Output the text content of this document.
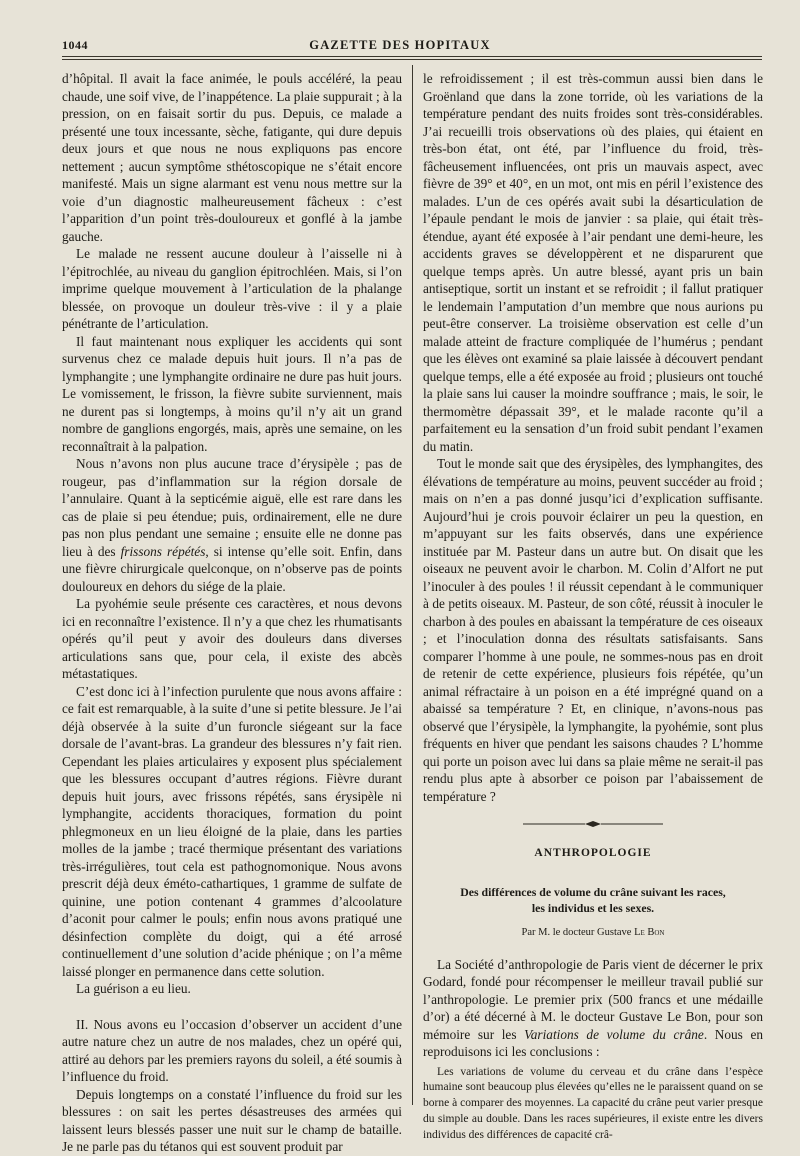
1044	GAZETTE DES HOPITAUX

d’hôpital. Il avait la face animée, le pouls accéléré, la peau chaude, une soif vive, de l’inappétence. La plaie suppurait ; à la pression, on en faisait sortir du pus. Depuis, ce malade a présenté une toux incessante, sèche, fatigante, qui dure depuis deux jours et que nous ne nous expliquons pas encore nettement ; aucun symptôme sthétoscopique ne s’était encore manifesté. Mais un signe alarmant est venu nous mettre sur la voie d’un diagnostic malheureusement fâcheux : c’est l’apparition d’un point très-douloureux et gonflé à la jambe gauche.

Le malade ne ressent aucune douleur à l’aisselle ni à l’épitrochlée, au niveau du ganglion épitrochléen. Mais, si l’on imprime quelque mouvement à l’articulation de la phalange blessée, on provoque un douleur très-vive : il y a plaie pénétrante de l’articulation.

Il faut maintenant nous expliquer les accidents qui sont survenus chez ce malade depuis huit jours. Il n’a pas de lymphangite ; une lymphangite ordinaire ne dure pas huit jours. Le vomissement, le frisson, la fièvre subite surviennent, mais ne durent pas si longtemps, à moins qu’il n’y ait un grand nombre de ganglions engorgés, mais, après une semaine, on les reconnaîtrait à la palpation.

Nous n’avons non plus aucune trace d’érysipèle ; pas de rougeur, pas d’inflammation sur la région dorsale de l’annulaire. Quant à la septicémie aiguë, elle est rare dans les cas de plaie si peu étendue; puis, ordinairement, elle ne dure pas non plus pendant une semaine ; ensuite elle ne donne pas lieu à des frissons répétés, si intense qu’elle soit. Enfin, dans une fièvre chirurgicale quelconque, on n’observe pas de points douloureux en dehors du siége de la plaie.

La pyohémie seule présente ces caractères, et nous devons ici en reconnaître l’existence. Il n’y a que chez les rhumatisants opérés qu’il peut y avoir des douleurs dans diverses articulations sans que, pour cela, il existe des abcès métastatiques.

C’est donc ici à l’infection purulente que nous avons affaire : ce fait est remarquable, à la suite d’une si petite blessure. Je l’ai déjà observée à la suite d’un furoncle siégeant sur la face dorsale de l’avant-bras. La grandeur des blessures n’y fait rien. Cependant les plaies articulaires y exposent plus spécialement que les blessures occupant d’autres régions. Fièvre durant depuis huit jours, avec frissons répétés, sans érysipèle ni lymphangite, accidents thoraciques, formation du point phlegmoneux en un lieu éloigné de la plaie, dans les parties molles de la jambe ; tracé thermique présentant des variations très-irrégulières, tout cela est pathognomonique. Nous avons prescrit déjà deux éméto-cathartiques, 1 gramme de sulfate de quinine, une potion contenant 4 grammes d’alcoolature d’aconit pour calmer le pouls; enfin nous avons pratiqué une désinfection complète du doigt, qui a été arrosé continuellement d’une solution d’acide phénique ; on l’a même laissé plonger en permanence dans cette solution.

La guérison a eu lieu.

II. Nous avons eu l’occasion d’observer un accident d’une autre nature chez un autre de nos malades, chez un opéré qui, attiré au dehors par les premiers rayons du soleil, a été soumis à l’influence du froid.

Depuis longtemps on a constaté l’influence du froid sur les blessures : on sait les pertes désastreuses des armées qui laissent leurs blessés passer une nuit sur le champ de bataille. Je ne parle pas du tétanos qui est souvent produit par

le refroidissement ; il est très-commun aussi bien dans le Groënland que dans la zone torride, où les variations de la température pendant des nuits froides sont très-considérables. J’ai recueilli trois observations où des plaies, qui étaient en très-bon état, ont été, par l’influence du froid, très-fâcheusement influencées, ont pris un mauvais aspect, avec fièvre de 39° et 40°, en un mot, ont mis en péril l’existence des malades. L’un de ces opérés avait subi la désarticulation de l’épaule pendant le mois de janvier : sa plaie, qui était très-étendue, ayant été exposée à l’air pendant une demi-heure, les accidents graves se développèrent et ne disparurent que quelque temps après. Un autre blessé, ayant pris un bain antiseptique, sortit un instant et se refroidit ; il fallut pratiquer le lendemain l’amputation d’un membre que nous aurions pu peut-être conserver. La troisième observation est celle d’un malade atteint de fracture compliquée de l’humérus ; pendant que les élèves ont examiné sa plaie laissée à découvert pendant quelque temps, elle a été exposée au froid ; plusieurs ont touché la plaie sans lui causer la moindre souffrance ; mais, le soir, le thermomètre dépassait 39°, et le malade raconte qu’il a parfaitement eu la sensation d’un froid subit pendant l’examen du matin.

Tout le monde sait que des érysipèles, des lymphangites, des élévations de température au moins, peuvent succéder au froid ; mais on n’en a pas donné jusqu’ici d’explication suffisante. Aujourd’hui je crois pouvoir éclairer un peu la question, en m’appuyant sur les faits observés, dans une expérience instituée par M. Pasteur dans un autre but. On disait que les oiseaux ne peuvent avoir le charbon. M. Colin d’Alfort ne put l’inoculer à des poules ! il réussit cependant à le communiquer à de petits oiseaux. M. Pasteur, de son côté, réussit à inoculer le charbon à des poules en abaissant la température de ces oiseaux ; et l’inoculation donna des résultats satisfaisants. Sans comparer l’homme à une poule, ne sommes-nous pas en droit de retenir de cette expérience, plusieurs fois répétée, qu’un animal réfractaire à un poison en a été imprégné quand on a abaissé sa température ? Et, en clinique, n’avons-nous pas observé que l’érysipèle, la lymphangite, la pyohémie, sont plus fréquents en hiver que pendant les saisons chaudes ? L’homme qui porte un poison avec lui dans sa plaie même ne serait-il pas rendu plus apte à absorber ce poison par l’abaissement de température ?

ANTHROPOLOGIE
Des différences de volume du crâne suivant les races,
les individus et les sexes.
Par M. le docteur Gustave Le Bon

La Société d’anthropologie de Paris vient de décerner le prix Godard, fondé pour récompenser le meilleur travail publié sur l’anthropologie. Le premier prix (500 francs et une médaille d’or) a été décerné à M. le docteur Gustave Le Bon, pour son mémoire sur les Variations de volume du crâne. Nous en reproduisons ici les conclusions :

Les variations de volume du cerveau et du crâne dans l’espèce humaine sont beaucoup plus élevées qu’elles ne le paraissent quand on se borne à comparer des moyennes. La capacité du crâne peut varier presque du simple au double. Dans les races supérieures, il existe entre les divers individus des différences de capacité crâ-
